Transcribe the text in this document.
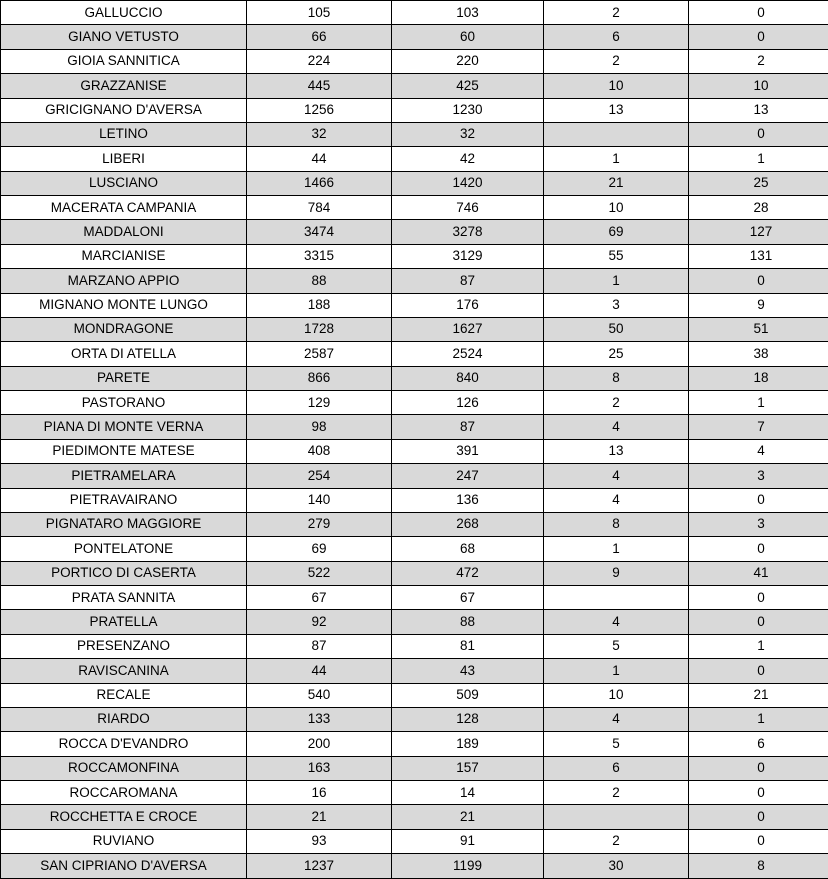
GALLUCCIO	105	103	2	0
GIANO VETUSTO	66	60	6	0
GIOIA SANNITICA	224	220	2	2
GRAZZANISE	445	425	10	10
GRICIGNANO D'AVERSA	1256	1230	13	13
LETINO	32	32		0
LIBERI	44	42	1	1
LUSCIANO	1466	1420	21	25
MACERATA CAMPANIA	784	746	10	28
MADDALONI	3474	3278	69	127
MARCIANISE	3315	3129	55	131
MARZANO APPIO	88	87	1	0
MIGNANO MONTE LUNGO	188	176	3	9
MONDRAGONE	1728	1627	50	51
ORTA DI ATELLA	2587	2524	25	38
PARETE	866	840	8	18
PASTORANO	129	126	2	1
PIANA DI MONTE VERNA	98	87	4	7
PIEDIMONTE MATESE	408	391	13	4
PIETRAMELARA	254	247	4	3
PIETRAVAIRANO	140	136	4	0
PIGNATARO MAGGIORE	279	268	8	3
PONTELATONE	69	68	1	0
PORTICO DI CASERTA	522	472	9	41
PRATA SANNITA	67	67		0
PRATELLA	92	88	4	0
PRESENZANO	87	81	5	1
RAVISCANINA	44	43	1	0
RECALE	540	509	10	21
RIARDO	133	128	4	1
ROCCA D'EVANDRO	200	189	5	6
ROCCAMONFINA	163	157	6	0
ROCCAROMANA	16	14	2	0
ROCCHETTA E CROCE	21	21		0
RUVIANO	93	91	2	0
SAN CIPRIANO D'AVERSA	1237	1199	30	8
